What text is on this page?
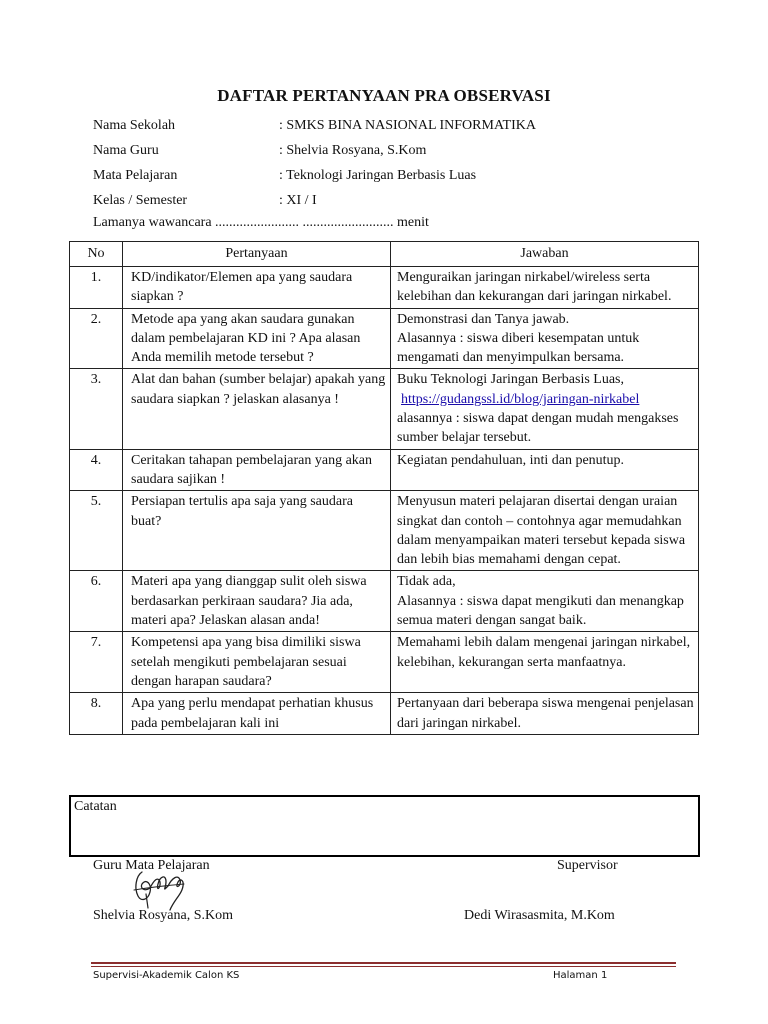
DAFTAR PERTANYAAN PRA OBSERVASI
Nama Sekolah	: SMKS BINA NASIONAL INFORMATIKA
Nama Guru	: Shelvia Rosyana, S.Kom
Mata Pelajaran	: Teknologi Jaringan Berbasis Luas
Kelas / Semester	: XI / I
Lamanya wawancara ........................ .......................... menit
No	Pertanyaan	Jawaban
1.	KD/indikator/Elemen apa yang saudara siapkan ?	Menguraikan jaringan nirkabel/wireless serta kelebihan dan kekurangan dari jaringan nirkabel.

2.	Metode apa yang akan saudara gunakan dalam pembelajaran KD ini ? Apa alasan Anda memilih metode tersebut ?	Demonstrasi dan Tanya jawab.
Alasannya : siswa diberi kesempatan untuk mengamati dan menyimpulkan bersama.

3.	Alat dan bahan (sumber belajar) apakah yang saudara siapkan ? jelaskan alasanya !	Buku Teknologi Jaringan Berbasis Luas,
https://gudangssl.id/blog/jaringan-nirkabel
alasannya : siswa dapat dengan mudah mengakses sumber belajar tersebut.

4.	Ceritakan tahapan pembelajaran yang akan saudara sajikan !	Kegiatan pendahuluan, inti dan penutup.

5.	Persiapan tertulis apa saja yang saudara buat?	Menyusun materi pelajaran disertai dengan uraian singkat dan contoh – contohnya agar memudahkan dalam menyampaikan materi tersebut kepada siswa dan lebih bias memahami dengan cepat.

6.	Materi apa yang dianggap sulit oleh siswa berdasarkan perkiraan saudara? Jia ada, materi apa? Jelaskan alasan anda!	Tidak ada,
Alasannya : siswa dapat mengikuti dan menangkap semua materi dengan sangat baik.

7.	Kompetensi apa yang bisa dimiliki siswa setelah mengikuti pembelajaran sesuai dengan harapan saudara?	Memahami lebih dalam mengenai jaringan nirkabel, kelebihan, kekurangan serta manfaatnya.

8.	Apa yang perlu mendapat perhatian khusus pada pembelajaran kali ini	Pertanyaan dari beberapa siswa mengenai penjelasan dari jaringan nirkabel.
Catatan
Guru Mata Pelajaran	Supervisor
Shelvia Rosyana, S.Kom	Dedi Wirasasmita, M.Kom
Supervisi-Akademik Calon KS	Halaman 1
